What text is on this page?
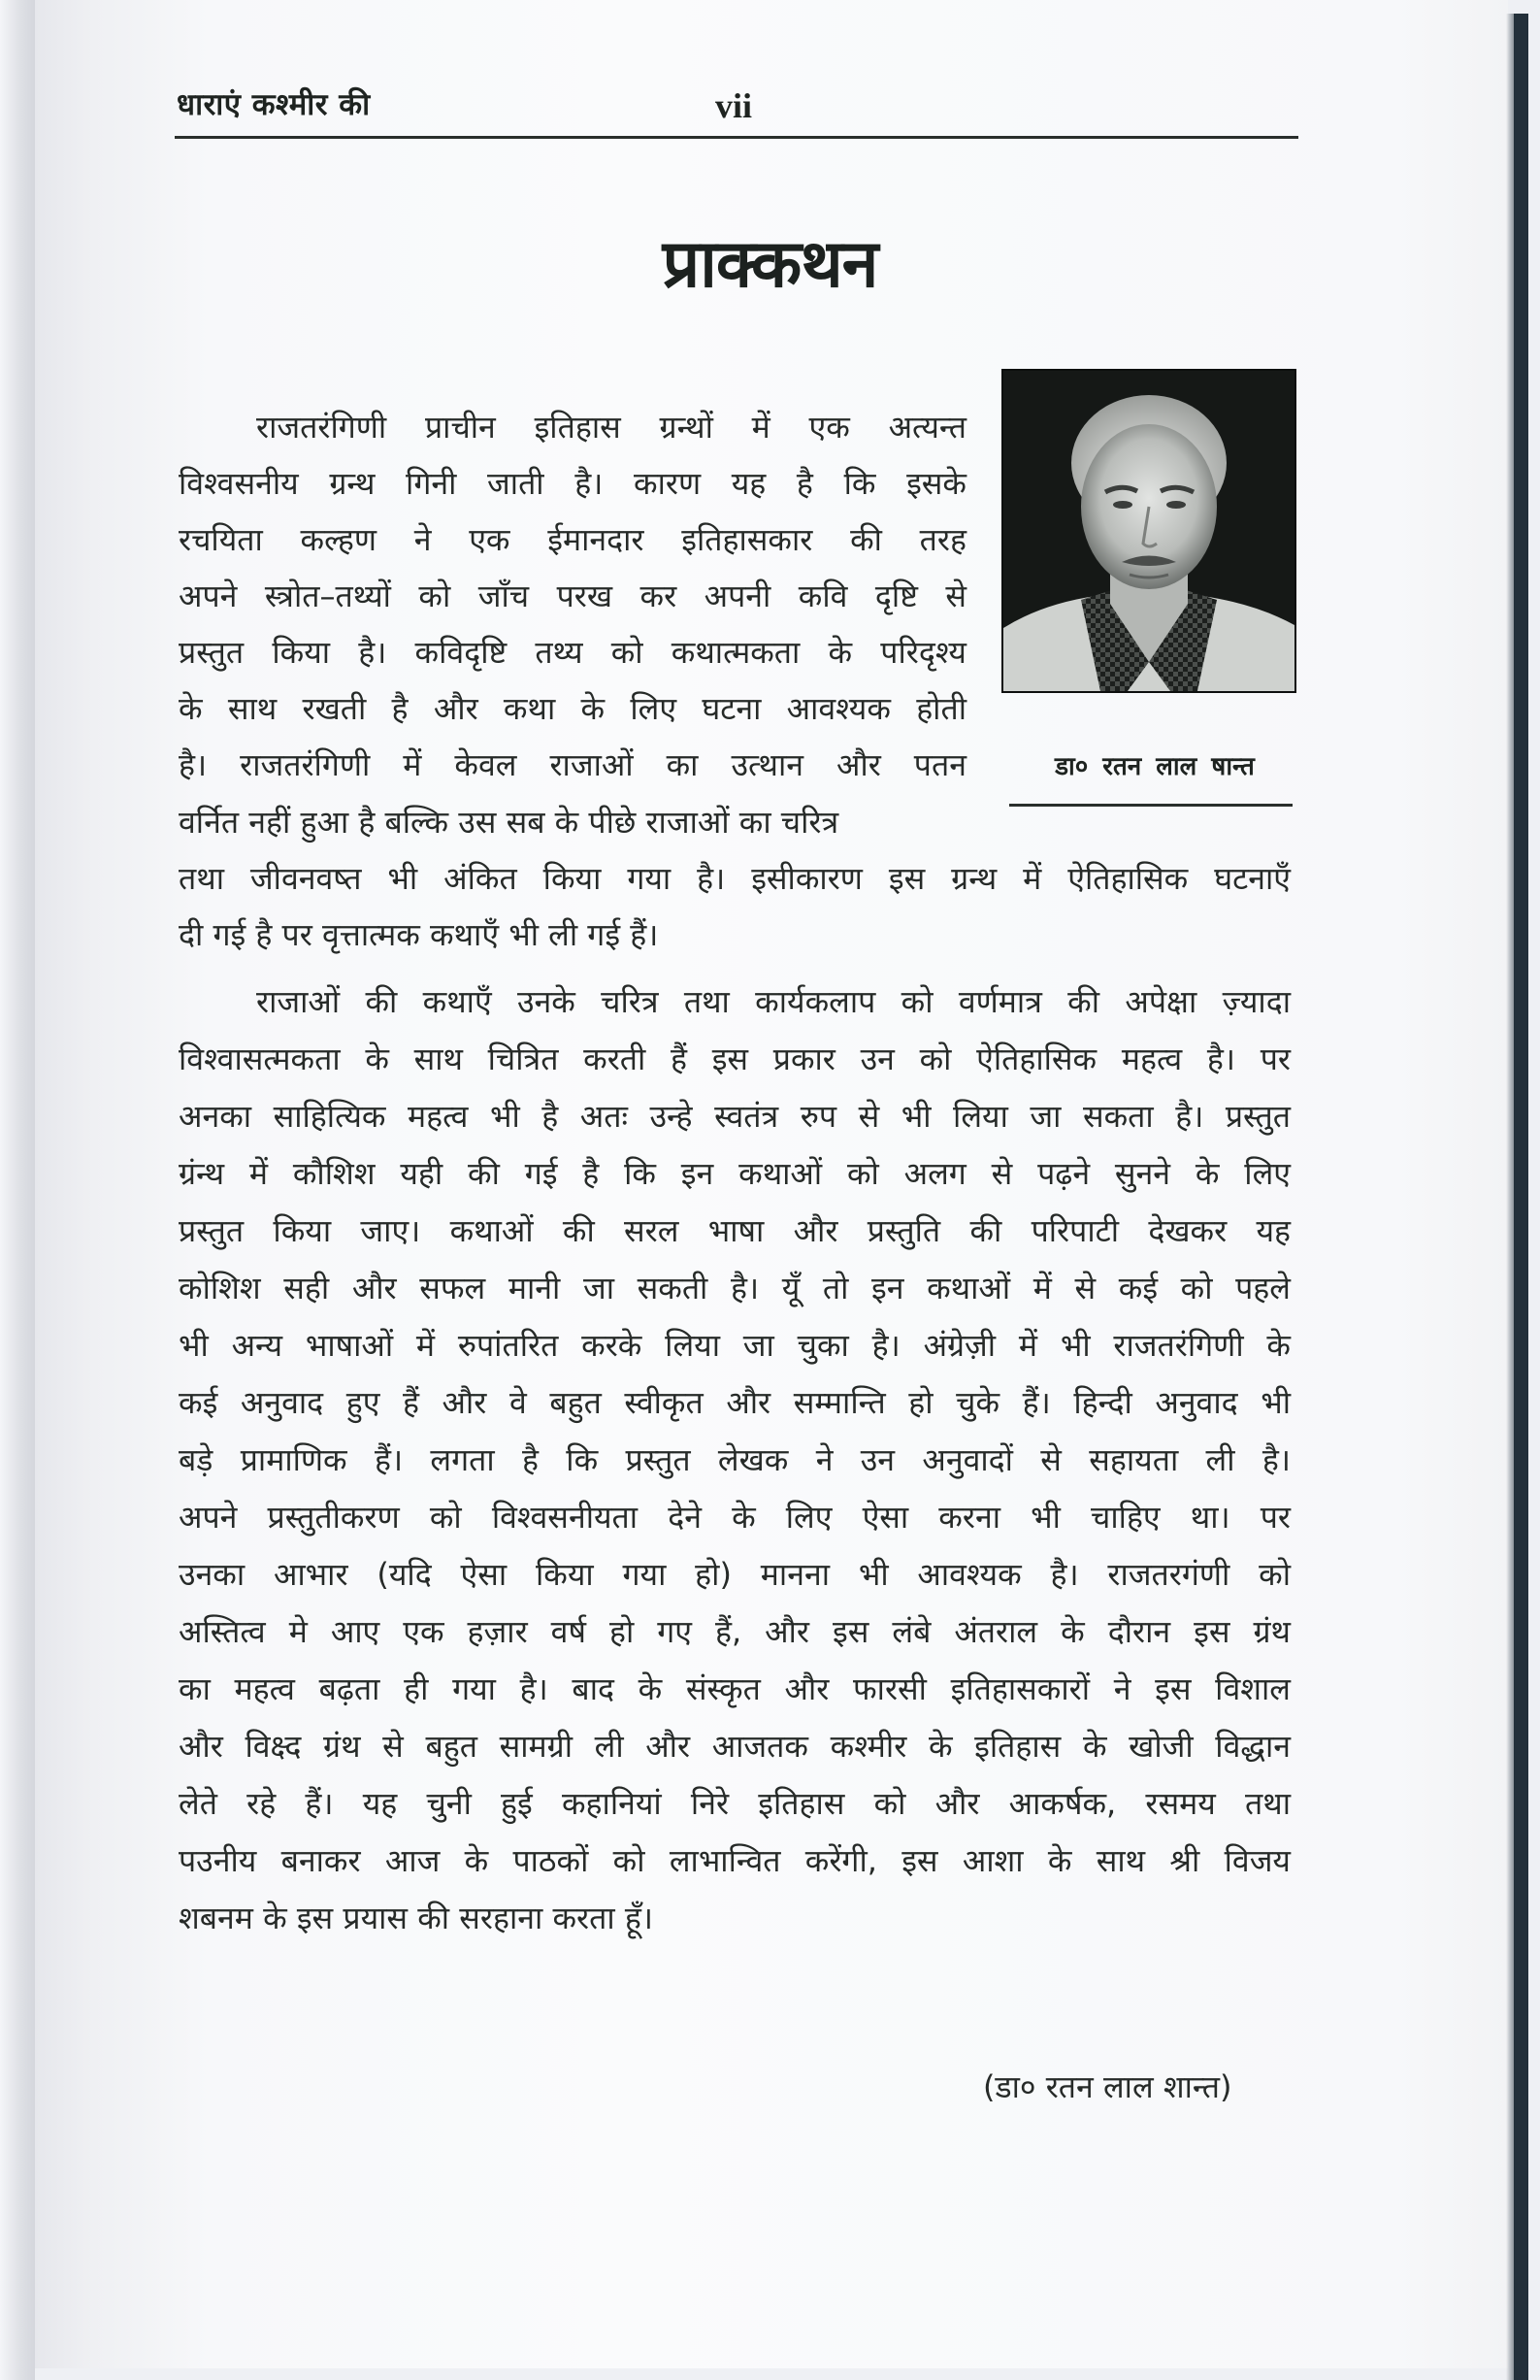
धाराएं कश्मीर की	vii
प्राक्कथन
डा० रतन लाल षान्त
राजतरंगिणी प्राचीन इतिहास ग्रन्थों में एक अत्यन्त
विश्वसनीय ग्रन्थ गिनी जाती है। कारण यह है कि इसके
रचयिता कल्हण ने एक ईमानदार इतिहासकार की तरह
अपने स्त्रोत–तथ्यों को जाँच परख कर अपनी कवि दृष्टि से
प्रस्तुत किया है। कविदृष्टि तथ्य को कथात्मकता के परिदृश्य
के साथ रखती है और कथा के लिए घटना आवश्यक होती
है। राजतरंगिणी में केवल राजाओं का उत्थान और पतन
वर्नित नहीं हुआ है बल्कि उस सब के पीछे राजाओं का चरित्र
तथा जीवनवष्त भी अंकित किया गया है। इसीकारण इस ग्रन्थ में ऐतिहासिक घटनाएँ
दी गई है पर वृत्तात्मक कथाएँ भी ली गई हैं।
राजाओं की कथाएँ उनके चरित्र तथा कार्यकलाप को वर्णमात्र की अपेक्षा ज़्यादा
विश्वासत्मकता के साथ चित्रित करती हैं इस प्रकार उन को ऐतिहासिक महत्व है। पर
अनका साहित्यिक महत्व भी है अतः उन्हे स्वतंत्र रुप से भी लिया जा सकता है। प्रस्तुत
ग्रंन्थ में कौशिश यही की गई है कि इन कथाओं को अलग से पढ़ने सुनने के लिए
प्रस्तुत किया जाए। कथाओं की सरल भाषा और प्रस्तुति की परिपाटी देखकर यह
कोशिश सही और सफल मानी जा सकती है। यूँ तो इन कथाओं में से कई को पहले
भी अन्य भाषाओं में रुपांतरित करके लिया जा चुका है। अंग्रेज़ी में भी राजतरंगिणी के
कई अनुवाद हुए हैं और वे बहुत स्वीकृत और सम्मान्ति हो चुके हैं। हिन्दी अनुवाद भी
बड़े प्रामाणिक हैं। लगता है कि प्रस्तुत लेखक ने उन अनुवादों से सहायता ली है।
अपने प्रस्तुतीकरण को विश्वसनीयता देने के लिए ऐसा करना भी चाहिए था। पर
उनका आभार (यदि ऐसा किया गया हो) मानना भी आवश्यक है। राजतरगंणी को
अस्तित्व मे आए एक हज़ार वर्ष हो गए हैं, और इस लंबे अंतराल के दौरान इस ग्रंथ
का महत्व बढ़ता ही गया है। बाद के संस्कृत और फारसी इतिहासकारों ने इस विशाल
और विक्ष्द ग्रंथ से बहुत सामग्री ली और आजतक कश्मीर के इतिहास के खोजी विद्धान
लेते रहे हैं। यह चुनी हुई कहानियां निरे इतिहास को और आकर्षक, रसमय तथा
पउनीय बनाकर आज के पाठकों को लाभान्वित करेंगी, इस आशा के साथ श्री विजय
शबनम के इस प्रयास की सरहाना करता हूँ।
(डा० रतन लाल शान्त)
